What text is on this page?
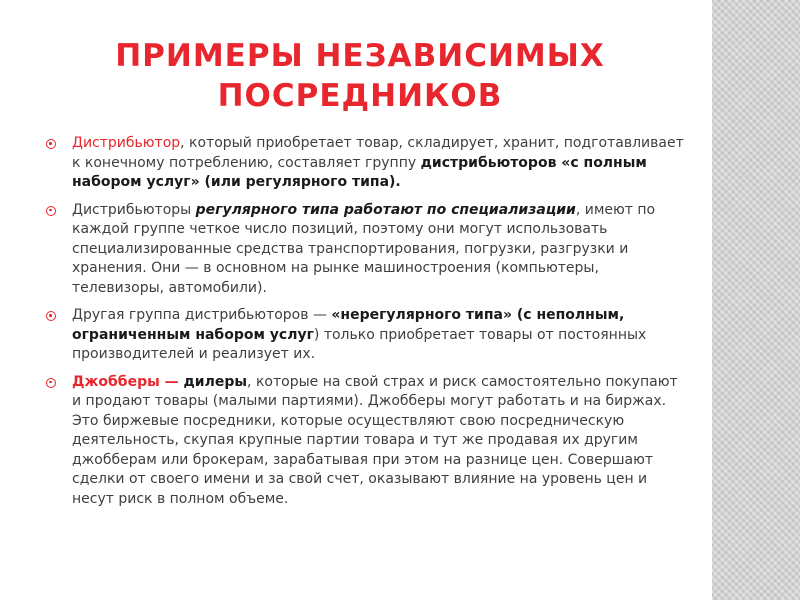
ПРИМЕРЫ НЕЗАВИСИМЫХ
ПОСРЕДНИКОВ
Дистрибьютор, который приобретает товар, складирует, хранит, подготавливает к конечному потреблению, составляет группу дистрибьюторов «с полным набором услуг» (или регулярного типа).
Дистрибьюторы регулярного типа работают по специализации, имеют по каждой группе четкое число позиций, поэтому они могут использовать специализированные средства транспортирования, погрузки, разгрузки и хранения. Они — в основном на рынке машиностроения (компьютеры, телевизоры, автомобили).
Другая группа дистрибьюторов — «нерегулярного типа» (с неполным, ограниченным набором услуг) только приобретает товары от постоянных производителей и реализует их.
Джобберы — дилеры, которые на свой страх и риск самостоятельно покупают и продают товары (малыми партиями). Джобберы могут работать и на биржах. Это биржевые посредники, которые осуществляют свою посредническую деятельность, скупая крупные партии товара и тут же продавая их другим джобберам или брокерам, зарабатывая при этом на разнице цен. Совершают сделки от своего имени и за свой счет, оказывают влияние на уровень цен и несут риск в полном объеме.
